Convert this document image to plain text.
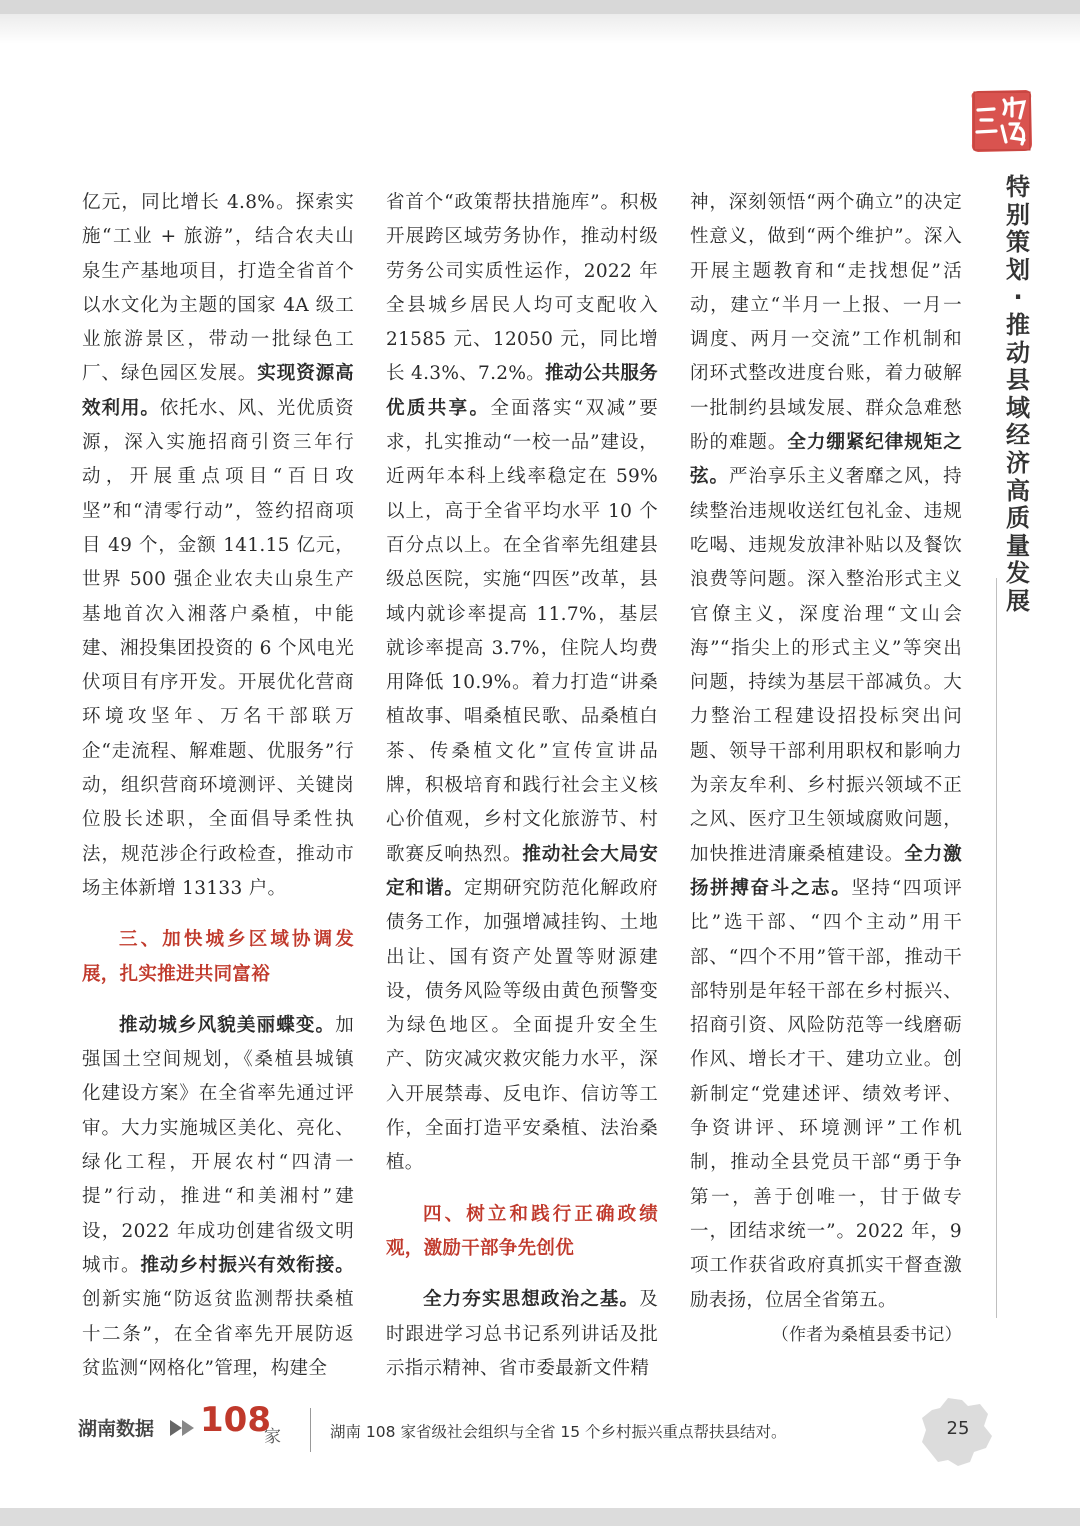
特
别
策
划
·
推
动
县
域
经
济
高
质
量
发
展

亿元，同比增长 4.8%。探索实施“工业 + 旅游”，结合农夫山泉生产基地项目，打造全省首个以水文化为主题的国家 4A 级工业旅游景区，带动一批绿色工厂、绿色园区发展。实现资源高效利用。依托水、风、光优质资源，深入实施招商引资三年行动，开展重点项目“百日攻坚”和“清零行动”，签约招商项目 49 个，金额 141.15 亿元，世界 500 强企业农夫山泉生产基地首次入湘落户桑植，中能建、湘投集团投资的 6 个风电光伏项目有序开发。开展优化营商环境攻坚年、万名干部联万企“走流程、解难题、优服务”行动，组织营商环境测评、关键岗位股长述职，全面倡导柔性执法，规范涉企行政检查，推动市场主体新增 13133 户。

三、加快城乡区域协调发展，扎实推进共同富裕

推动城乡风貌美丽蝶变。加强国土空间规划，《桑植县城镇化建设方案》在全省率先通过评审。大力实施城区美化、亮化、绿化工程，开展农村“四清一提”行动，推进“和美湘村”建设，2022 年成功创建省级文明城市。推动乡村振兴有效衔接。创新实施“防返贫监测帮扶桑植十二条”，在全省率先开展防返贫监测“网格化”管理，构建全

省首个“政策帮扶措施库”。积极开展跨区域劳务协作，推动村级劳务公司实质性运作，2022 年全县城乡居民人均可支配收入 21585 元、12050 元，同比增长 4.3%、7.2%。推动公共服务优质共享。全面落实“双减”要求，扎实推动“一校一品”建设，近两年本科上线率稳定在 59% 以上，高于全省平均水平 10 个百分点以上。在全省率先组建县级总医院，实施“四医”改革，县域内就诊率提高 11.7%，基层就诊率提高 3.7%，住院人均费用降低 10.9%。着力打造“讲桑植故事、唱桑植民歌、品桑植白茶、传桑植文化”宣传宣讲品牌，积极培育和践行社会主义核心价值观，乡村文化旅游节、村歌赛反响热烈。推动社会大局安定和谐。定期研究防范化解政府债务工作，加强增减挂钩、土地出让、国有资产处置等财源建设，债务风险等级由黄色预警变为绿色地区。全面提升安全生产、防灾减灾救灾能力水平，深入开展禁毒、反电诈、信访等工作，全面打造平安桑植、法治桑植。

四、树立和践行正确政绩观，激励干部争先创优

全力夯实思想政治之基。及时跟进学习总书记系列讲话及批示指示精神、省市委最新文件精

神，深刻领悟“两个确立”的决定性意义，做到“两个维护”。深入开展主题教育和“走找想促”活动，建立“半月一上报、一月一调度、两月一交流”工作机制和闭环式整改进度台账，着力破解一批制约县域发展、群众急难愁盼的难题。全力绷紧纪律规矩之弦。严治享乐主义奢靡之风，持续整治违规收送红包礼金、违规吃喝、违规发放津补贴以及餐饮浪费等问题。深入整治形式主义官僚主义，深度治理“文山会海”“指尖上的形式主义”等突出问题，持续为基层干部减负。大力整治工程建设招投标突出问题、领导干部利用职权和影响力为亲友牟利、乡村振兴领域不正之风、医疗卫生领域腐败问题，加快推进清廉桑植建设。全力激扬拼搏奋斗之志。坚持“四项评比”选干部、“四个主动”用干部、“四个不用”管干部，推动干部特别是年轻干部在乡村振兴、招商引资、风险防范等一线磨砺作风、增长才干、建功立业。创新制定“党建述评、绩效考评、争资讲评、环境测评”工作机制，推动全县党员干部“勇于争第一，善于创唯一，甘于做专一，团结求统一”。2022 年，9 项工作获省政府真抓实干督查激励表扬，位居全省第五。

（作者为桑植县委书记）
湖南数据 108
家	湖南 108 家省级社会组织与全省 15 个乡村振兴重点帮扶县结对。	25
